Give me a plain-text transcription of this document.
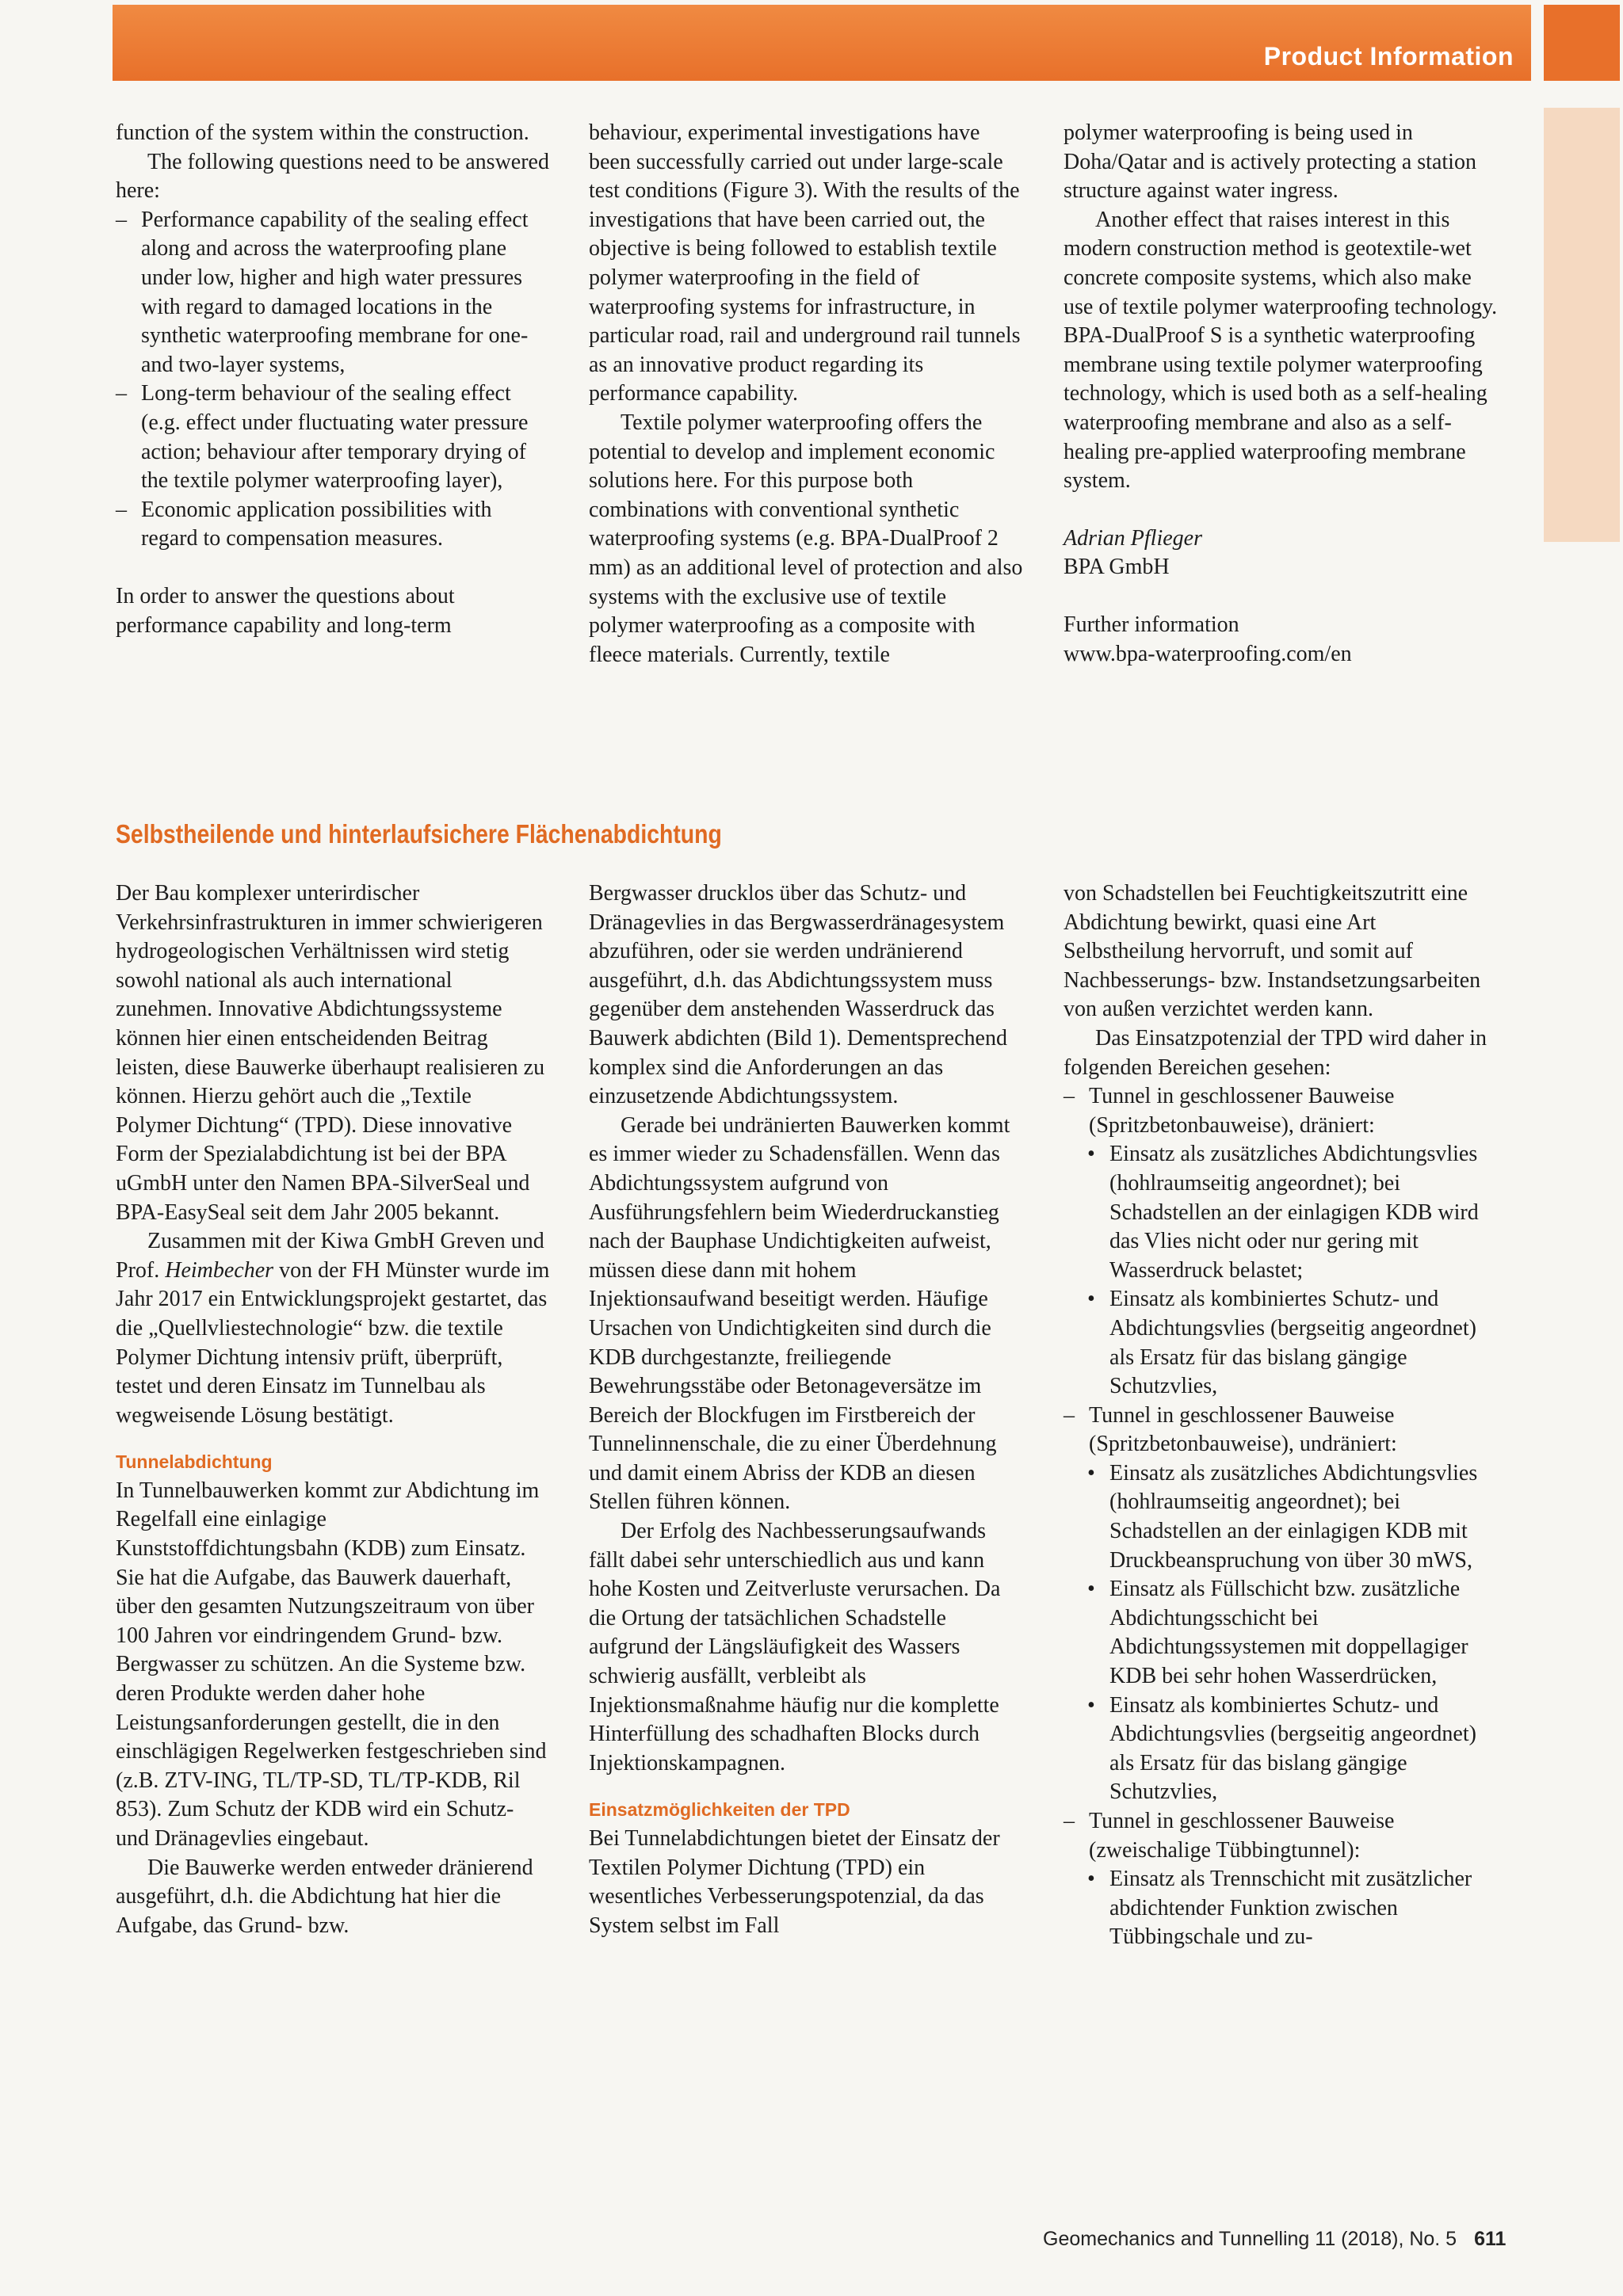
Product Information

function of the system within the construction.

The following questions need to be answered here:

– Performance capability of the sealing effect along and across the waterproofing plane under low, higher and high water pressures with regard to damaged locations in the synthetic waterproofing membrane for one- and two-layer systems,

– Long-term behaviour of the sealing effect (e.g. effect under fluctuating water pressure action; behaviour after temporary drying of the textile polymer waterproofing layer),

– Economic application possibilities with regard to compensation measures.

In order to answer the questions about performance capability and long-term

behaviour, experimental investigations have been successfully carried out under large-scale test conditions (Figure 3). With the results of the investigations that have been carried out, the objective is being followed to establish textile polymer waterproofing in the field of waterproofing systems for infrastructure, in particular road, rail and underground rail tunnels as an innovative product regarding its performance capability.

Textile polymer waterproofing offers the potential to develop and implement economic solutions here. For this purpose both combinations with conventional synthetic waterproofing systems (e.g. BPA-DualProof 2 mm) as an additional level of protection and also systems with the exclusive use of textile polymer waterproofing as a composite with fleece materials. Currently, textile

polymer waterproofing is being used in Doha/Qatar and is actively protecting a station structure against water ingress.

Another effect that raises interest in this modern construction method is geotextile-wet concrete composite systems, which also make use of textile polymer waterproofing technology. BPA-DualProof S is a synthetic waterproofing membrane using textile polymer waterproofing technology, which is used both as a self-healing waterproofing membrane and also as a self-healing pre-applied waterproofing membrane system.

Adrian Pflieger

BPA GmbH

Further information

www.bpa-waterproofing.com/en

Selbstheilende und hinterlaufsichere Flächenabdichtung

Der Bau komplexer unterirdischer Verkehrsinfrastrukturen in immer schwierigeren hydrogeologischen Verhältnissen wird stetig sowohl national als auch international zunehmen. Innovative Abdichtungssysteme können hier einen entscheidenden Beitrag leisten, diese Bauwerke überhaupt realisieren zu können. Hierzu gehört auch die „Textile Polymer Dichtung“ (TPD). Diese innovative Form der Spezialabdichtung ist bei der BPA uGmbH unter den Namen BPA-SilverSeal und BPA-EasySeal seit dem Jahr 2005 bekannt.

Zusammen mit der Kiwa GmbH Greven und Prof. Heimbecher von der FH Münster wurde im Jahr 2017 ein Entwicklungsprojekt gestartet, das die „Quellvliestechnologie“ bzw. die textile Polymer Dichtung intensiv prüft, überprüft, testet und deren Einsatz im Tunnelbau als wegweisende Lösung bestätigt.

Tunnelabdichtung

In Tunnelbauwerken kommt zur Abdichtung im Regelfall eine einlagige Kunststoffdichtungsbahn (KDB) zum Einsatz. Sie hat die Aufgabe, das Bauwerk dauerhaft, über den gesamten Nutzungszeitraum von über 100 Jahren vor eindringendem Grund- bzw. Bergwasser zu schützen. An die Systeme bzw. deren Produkte werden daher hohe Leistungsanforderungen gestellt, die in den einschlägigen Regelwerken festgeschrieben sind (z.B. ZTV-ING, TL/TP-SD, TL/TP-KDB, Ril 853). Zum Schutz der KDB wird ein Schutz- und Dränagevlies eingebaut.

Die Bauwerke werden entweder dränierend ausgeführt, d.h. die Abdichtung hat hier die Aufgabe, das Grund- bzw.

Bergwasser drucklos über das Schutz- und Dränagevlies in das Bergwasserdränagesystem abzuführen, oder sie werden undränierend ausgeführt, d.h. das Abdichtungssystem muss gegenüber dem anstehenden Wasserdruck das Bauwerk abdichten (Bild 1). Dementsprechend komplex sind die Anforderungen an das einzusetzende Abdichtungssystem.

Gerade bei undränierten Bauwerken kommt es immer wieder zu Schadensfällen. Wenn das Abdichtungssystem aufgrund von Ausführungsfehlern beim Wiederdruckanstieg nach der Bauphase Undichtigkeiten aufweist, müssen diese dann mit hohem Injektionsaufwand beseitigt werden. Häufige Ursachen von Undichtigkeiten sind durch die KDB durchgestanzte, freiliegende Bewehrungsstäbe oder Betonageversätze im Bereich der Blockfugen im Firstbereich der Tunnelinnenschale, die zu einer Überdehnung und damit einem Abriss der KDB an diesen Stellen führen können.

Der Erfolg des Nachbesserungsaufwands fällt dabei sehr unterschiedlich aus und kann hohe Kosten und Zeitverluste verursachen. Da die Ortung der tatsächlichen Schadstelle aufgrund der Längsläufigkeit des Wassers schwierig ausfällt, verbleibt als Injektionsmaßnahme häufig nur die komplette Hinterfüllung des schadhaften Blocks durch Injektionskampagnen.

Einsatzmöglichkeiten der TPD

Bei Tunnelabdichtungen bietet der Einsatz der Textilen Polymer Dichtung (TPD) ein wesentliches Verbesserungspotenzial, da das System selbst im Fall

von Schadstellen bei Feuchtigkeitszutritt eine Abdichtung bewirkt, quasi eine Art Selbstheilung hervorruft, und somit auf Nachbesserungs- bzw. Instandsetzungsarbeiten von außen verzichtet werden kann.

Das Einsatzpotenzial der TPD wird daher in folgenden Bereichen gesehen:

– Tunnel in geschlossener Bauweise (Spritzbetonbauweise), dräniert:

• Einsatz als zusätzliches Abdichtungsvlies (hohlraumseitig angeordnet); bei Schadstellen an der einlagigen KDB wird das Vlies nicht oder nur gering mit Wasserdruck belastet;

• Einsatz als kombiniertes Schutz- und Abdichtungsvlies (bergseitig angeordnet) als Ersatz für das bislang gängige Schutzvlies,

– Tunnel in geschlossener Bauweise (Spritzbetonbauweise), undräniert:

• Einsatz als zusätzliches Abdichtungsvlies (hohlraumseitig angeordnet); bei Schadstellen an der einlagigen KDB mit Druckbeanspruchung von über 30 mWS,

• Einsatz als Füllschicht bzw. zusätzliche Abdichtungsschicht bei Abdichtungssystemen mit doppellagiger KDB bei sehr hohen Wasserdrücken,

• Einsatz als kombiniertes Schutz- und Abdichtungsvlies (bergseitig angeordnet) als Ersatz für das bislang gängige Schutzvlies,

– Tunnel in geschlossener Bauweise (zweischalige Tübbingtunnel):

• Einsatz als Trennschicht mit zusätzlicher abdichtender Funktion zwischen Tübbingschale und zu-

Geomechanics and Tunnelling 11 (2018), No. 5 611
